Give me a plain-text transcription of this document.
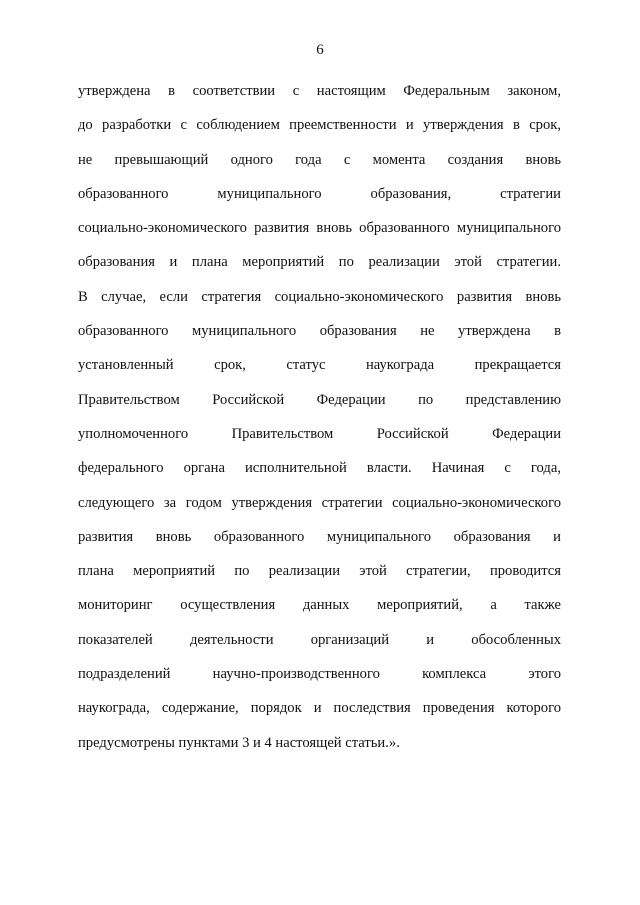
6
утверждена в соответствии с настоящим Федеральным законом,
до разработки с соблюдением преемственности и утверждения в срок,
не превышающий одного года с момента создания вновь
образованного муниципального образования, стратегии
социально-экономического развития вновь образованного муниципального
образования и плана мероприятий по реализации этой стратегии.
В случае, если стратегия социально-экономического развития вновь
образованного муниципального образования не утверждена в
установленный срок, статус наукограда прекращается
Правительством Российской Федерации по представлению
уполномоченного Правительством Российской Федерации
федерального органа исполнительной власти. Начиная с года,
следующего за годом утверждения стратегии социально-экономического
развития вновь образованного муниципального образования и
плана мероприятий по реализации этой стратегии, проводится
мониторинг осуществления данных мероприятий, а также
показателей деятельности организаций и обособленных
подразделений научно-производственного комплекса этого
наукограда, содержание, порядок и последствия проведения которого
предусмотрены пунктами 3 и 4 настоящей статьи.».
